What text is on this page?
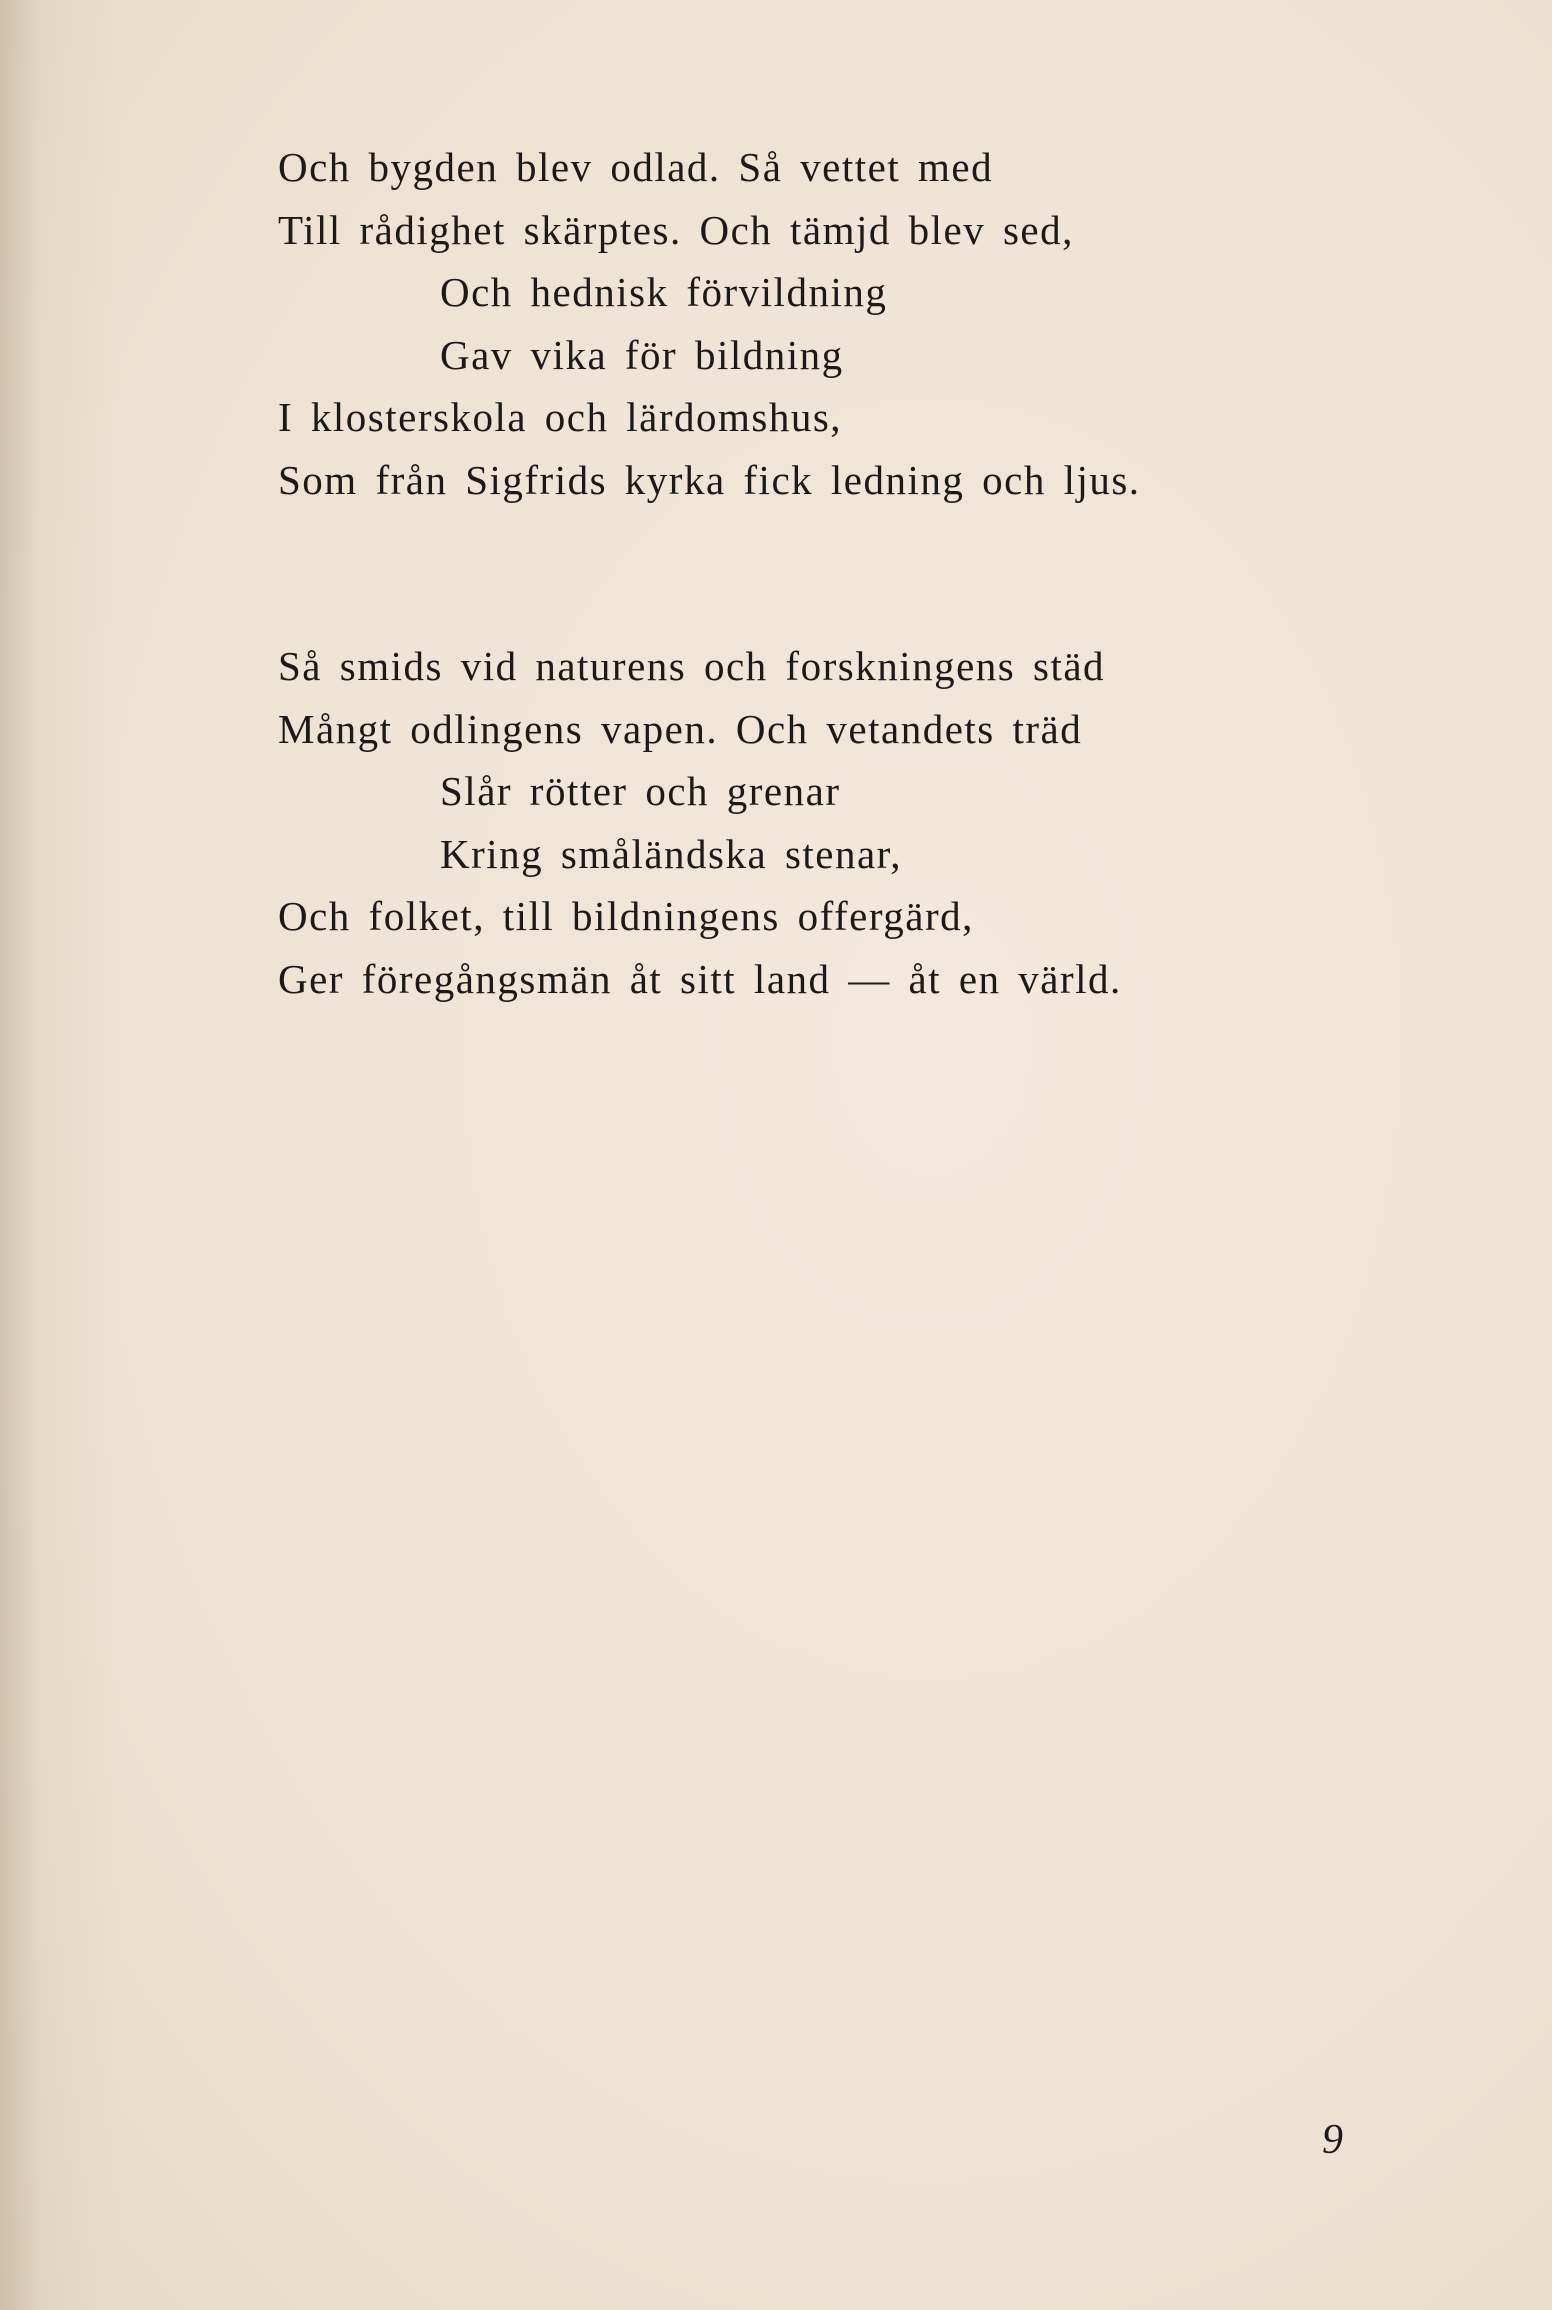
Och bygden blev odlad. Så vettet med
Till rådighet skärptes. Och tämjd blev sed,
Och hednisk förvildning
Gav vika för bildning
I klosterskola och lärdomshus,
Som från Sigfrids kyrka fick ledning och ljus.
Så smids vid naturens och forskningens städ
Mångt odlingens vapen. Och vetandets träd
Slår rötter och grenar
Kring småländska stenar,
Och folket, till bildningens offergärd,
Ger föregångsmän åt sitt land — åt en värld.
9
